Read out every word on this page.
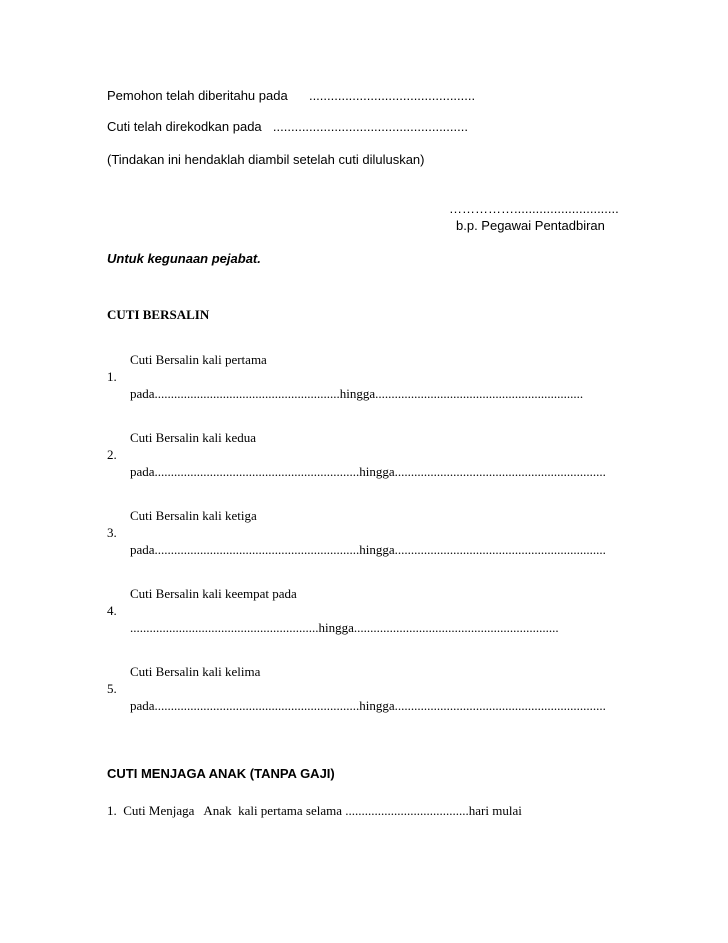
Pemohon telah diberitahu pada ..............................................
Cuti telah direkodkan pada ......................................................
(Tindakan ini hendaklah diambil setelah cuti diluluskan)
…………….............................
b.p. Pegawai Pentadbiran
Untuk kegunaan pejabat.
CUTI BERSALIN
Cuti Bersalin kali pertama
1.
pada.........................................................hingga................................................................
Cuti Bersalin kali kedua
2.
pada...............................................................hingga.................................................................
Cuti Bersalin kali ketiga
3.
pada...............................................................hingga.................................................................
Cuti Bersalin kali keempat pada
4.
..........................................................hingga...............................................................
Cuti Bersalin kali kelima
5.
pada...............................................................hingga.................................................................
CUTI MENJAGA ANAK (TANPA GAJI)
1.  Cuti Menjaga   Anak  kali pertama selama ......................................hari mulai
